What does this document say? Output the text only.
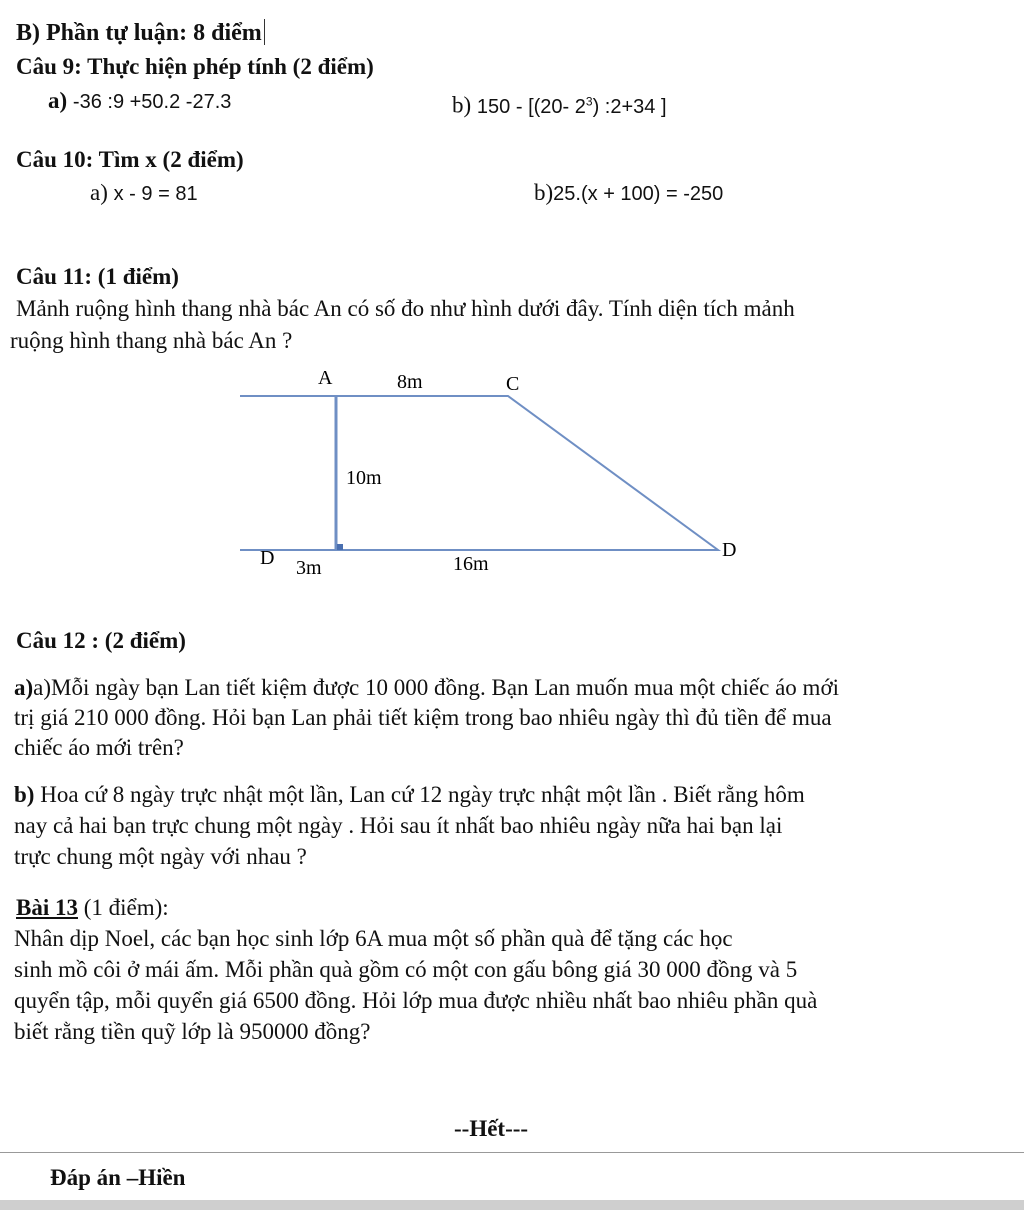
B) Phần tự luận: 8 điểm
Câu 9: Thực hiện phép tính (2 điểm)
a) -36 :9 +50.2 -27.3	b) 150 - [(20- $2^3$) :2+34 ]
Câu 10: Tìm x (2 điểm)
a) x - 9 = 81	b)25.(x + 100) = -250
Câu 11: (1 điểm)
Mảnh ruộng hình thang nhà bác An có số đo như hình dưới đây. Tính diện tích mảnh
ruộng hình thang nhà bác An ?
A	8m	C
10m
D 3m	16m
D
Câu 12 : (2 điểm)
a)a)Mỗi ngày bạn Lan tiết kiệm được 10 000 đồng. Bạn Lan muốn mua một chiếc áo mới
trị giá 210 000 đồng. Hỏi bạn Lan phải tiết kiệm trong bao nhiêu ngày thì đủ tiền để mua
chiếc áo mới trên?
b) Hoa cứ 8 ngày trực nhật một lần, Lan cứ 12 ngày trực nhật một lần . Biết rằng hôm
nay cả hai bạn trực chung một ngày . Hỏi sau ít nhất bao nhiêu ngày nữa hai bạn lại
trực chung một ngày với nhau ?
Bài 13 (1 điểm):
Nhân dịp Noel, các bạn học sinh lớp 6A mua một số phần quà để tặng các học
sinh mồ côi ở mái ấm. Mỗi phần quà gồm có một con gấu bông giá 30 000 đồng và 5
quyển tập, mỗi quyển giá 6500 đồng. Hỏi lớp mua được nhiều nhất bao nhiêu phần quà
biết rằng tiền quỹ lớp là 950000 đồng?
--Hết---
Đáp án –Hiền
